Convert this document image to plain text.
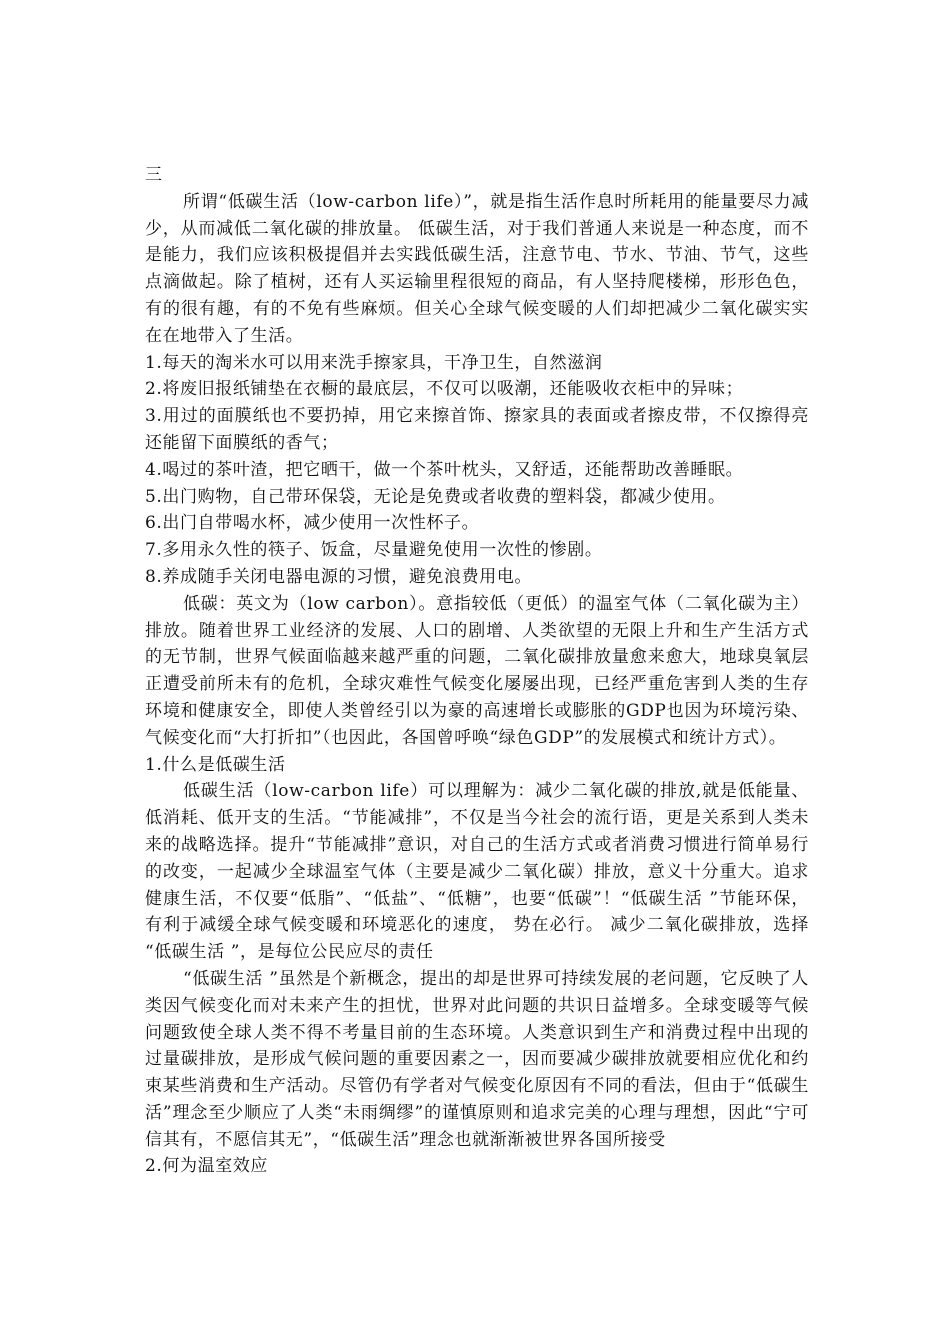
三

所谓“低碳生活（low-carbon life）”，就是指生活作息时所耗用的能量要尽力减少，从而减低二氧化碳的排放量。 低碳生活，对于我们普通人来说是一种态度，而不是能力，我们应该积极提倡并去实践低碳生活，注意节电、节水、节油、节气，这些点滴做起。除了植树，还有人买运输里程很短的商品，有人坚持爬楼梯，形形色色，有的很有趣，有的不免有些麻烦。但关心全球气候变暖的人们却把减少二氧化碳实实在在地带入了生活。

1.每天的淘米水可以用来洗手擦家具，干净卫生，自然滋润

2.将废旧报纸铺垫在衣橱的最底层，不仅可以吸潮，还能吸收衣柜中的异味；

3.用过的面膜纸也不要扔掉，用它来擦首饰、擦家具的表面或者擦皮带，不仅擦得亮还能留下面膜纸的香气；

4.喝过的茶叶渣，把它晒干，做一个茶叶枕头，又舒适，还能帮助改善睡眠。

5.出门购物，自己带环保袋，无论是免费或者收费的塑料袋，都减少使用。

6.出门自带喝水杯，减少使用一次性杯子。

7.多用永久性的筷子、饭盒，尽量避免使用一次性的惨剧。

8.养成随手关闭电器电源的习惯，避免浪费用电。

低碳：英文为（low carbon）。意指较低（更低）的温室气体（二氧化碳为主）排放。随着世界工业经济的发展、人口的剧增、人类欲望的无限上升和生产生活方式的无节制，世界气候面临越来越严重的问题，二氧化碳排放量愈来愈大，地球臭氧层正遭受前所未有的危机，全球灾难性气候变化屡屡出现，已经严重危害到人类的生存环境和健康安全，即使人类曾经引以为豪的高速增长或膨胀的GDP也因为环境污染、气候变化而“大打折扣”（也因此，各国曾呼唤“绿色GDP”的发展模式和统计方式）。

1.什么是低碳生活

低碳生活（low-carbon life）可以理解为：减少二氧化碳的排放,就是低能量、低消耗、低开支的生活。“节能减排”，不仅是当今社会的流行语，更是关系到人类未来的战略选择。提升“节能减排”意识，对自己的生活方式或者消费习惯进行简单易行的改变，一起减少全球温室气体（主要是减少二氧化碳）排放，意义十分重大。追求健康生活，不仅要“低脂”、“低盐”、“低糖”，也要“低碳”！“低碳生活 ”节能环保， 有利于减缓全球气候变暖和环境恶化的速度， 势在必行。 减少二氧化碳排放，选择 “低碳生活 ”，是每位公民应尽的责任

“低碳生活 ”虽然是个新概念，提出的却是世界可持续发展的老问题，它反映了人类因气候变化而对未来产生的担忧，世界对此问题的共识日益增多。全球变暖等气候问题致使全球人类不得不考量目前的生态环境。人类意识到生产和消费过程中出现的过量碳排放，是形成气候问题的重要因素之一，因而要减少碳排放就要相应优化和约束某些消费和生产活动。尽管仍有学者对气候变化原因有不同的看法，但由于“低碳生活”理念至少顺应了人类“未雨绸缪”的谨慎原则和追求完美的心理与理想，因此“宁可信其有，不愿信其无”，“低碳生活”理念也就渐渐被世界各国所接受

2.何为温室效应
